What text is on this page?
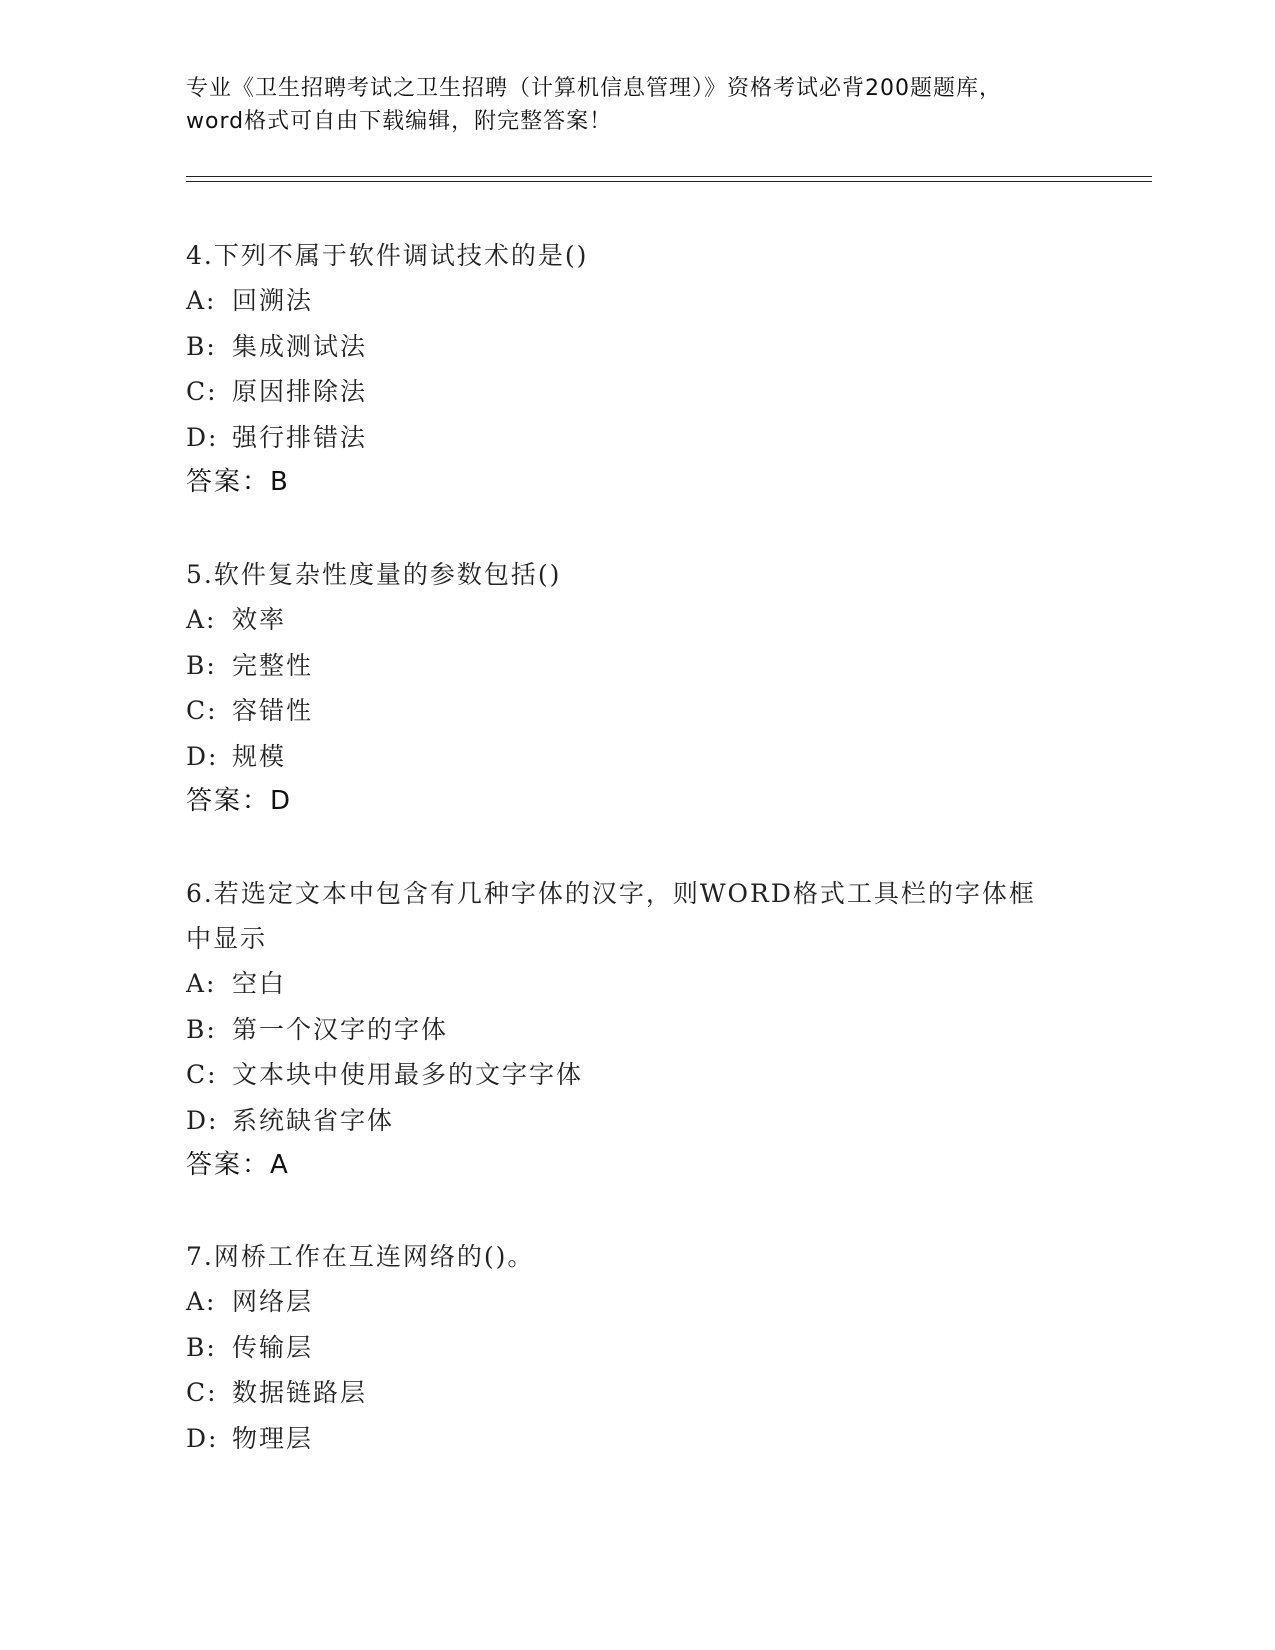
专业《卫生招聘考试之卫生招聘（计算机信息管理）》资格考试必背200题题库，
word格式可自由下载编辑，附完整答案！

4.下列不属于软件调试技术的是()

A: 回溯法

B: 集成测试法

C: 原因排除法

D: 强行排错法

答案：B

5.软件复杂性度量的参数包括()

A: 效率

B: 完整性

C: 容错性

D: 规模

答案：D

6.若选定文本中包含有几种字体的汉字，则WORD格式工具栏的字体框

中显示

A: 空白

B: 第一个汉字的字体

C: 文本块中使用最多的文字字体

D: 系统缺省字体

答案：A

7.网桥工作在互连网络的()。

A: 网络层

B: 传输层

C: 数据链路层

D: 物理层
